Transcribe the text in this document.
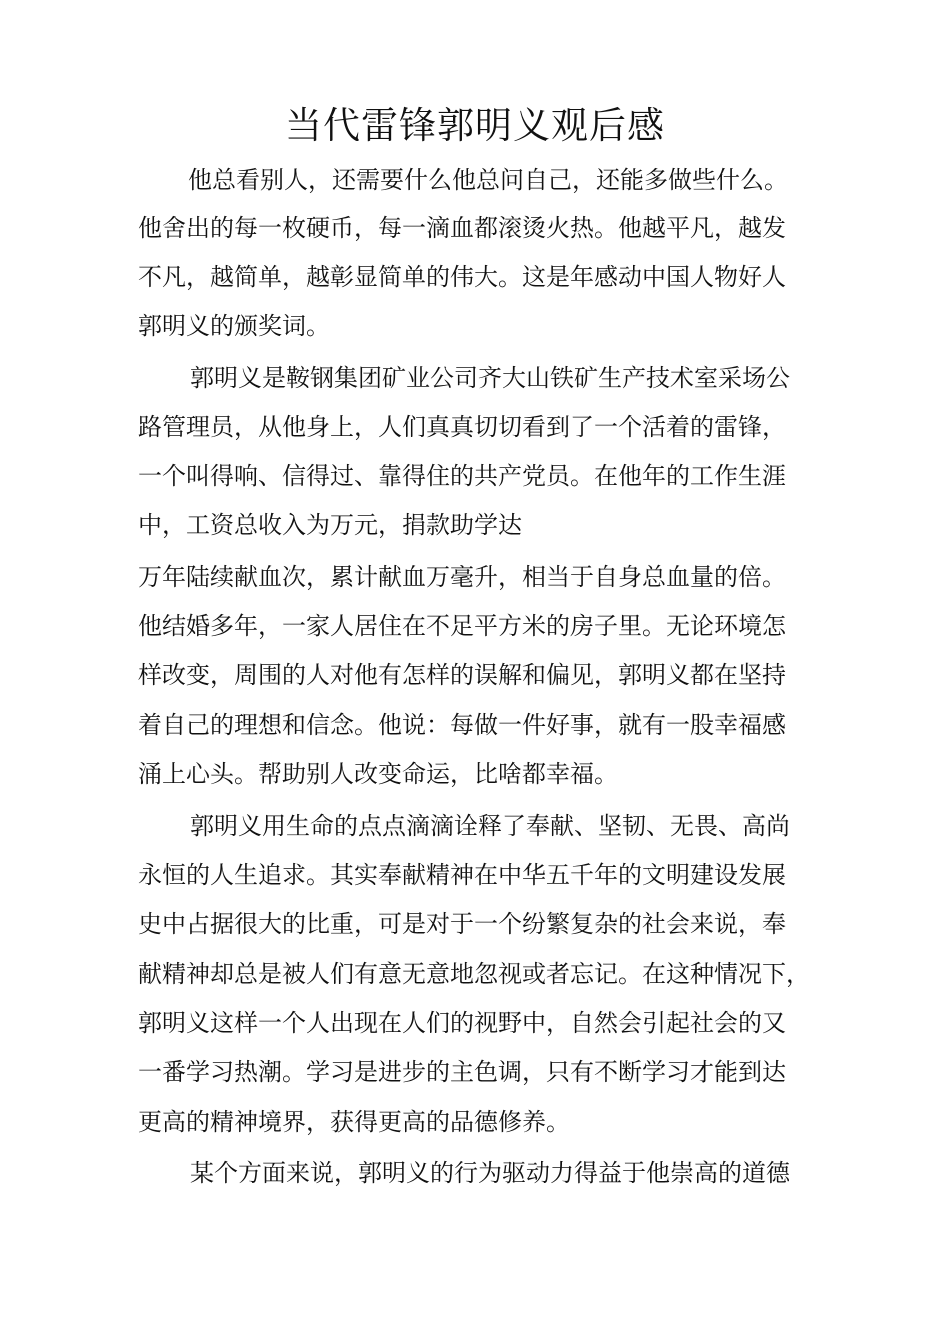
当代雷锋郭明义观后感

他总看别人，还需要什么他总问自己，还能多做些什么。

他舍出的每一枚硬币，每一滴血都滚烫火热。他越平凡，越发

不凡，越简单，越彰显简单的伟大。这是年感动中国人物好人

郭明义的颁奖词。

郭明义是鞍钢集团矿业公司齐大山铁矿生产技术室采场公

路管理员，从他身上，人们真真切切看到了一个活着的雷锋，

一个叫得响、信得过、靠得住的共产党员。在他年的工作生涯

中，工资总收入为万元，捐款助学达

万年陆续献血次，累计献血万毫升，相当于自身总血量的倍。

他结婚多年，一家人居住在不足平方米的房子里。无论环境怎

样改变，周围的人对他有怎样的误解和偏见，郭明义都在坚持

着自己的理想和信念。他说：每做一件好事，就有一股幸福感

涌上心头。帮助别人改变命运，比啥都幸福。

郭明义用生命的点点滴滴诠释了奉献、坚韧、无畏、高尚

永恒的人生追求。其实奉献精神在中华五千年的文明建设发展

史中占据很大的比重，可是对于一个纷繁复杂的社会来说，奉

献精神却总是被人们有意无意地忽视或者忘记。在这种情况下，

郭明义这样一个人出现在人们的视野中，自然会引起社会的又

一番学习热潮。学习是进步的主色调，只有不断学习才能到达

更高的精神境界，获得更高的品德修养。

某个方面来说，郭明义的行为驱动力得益于他崇高的道德
